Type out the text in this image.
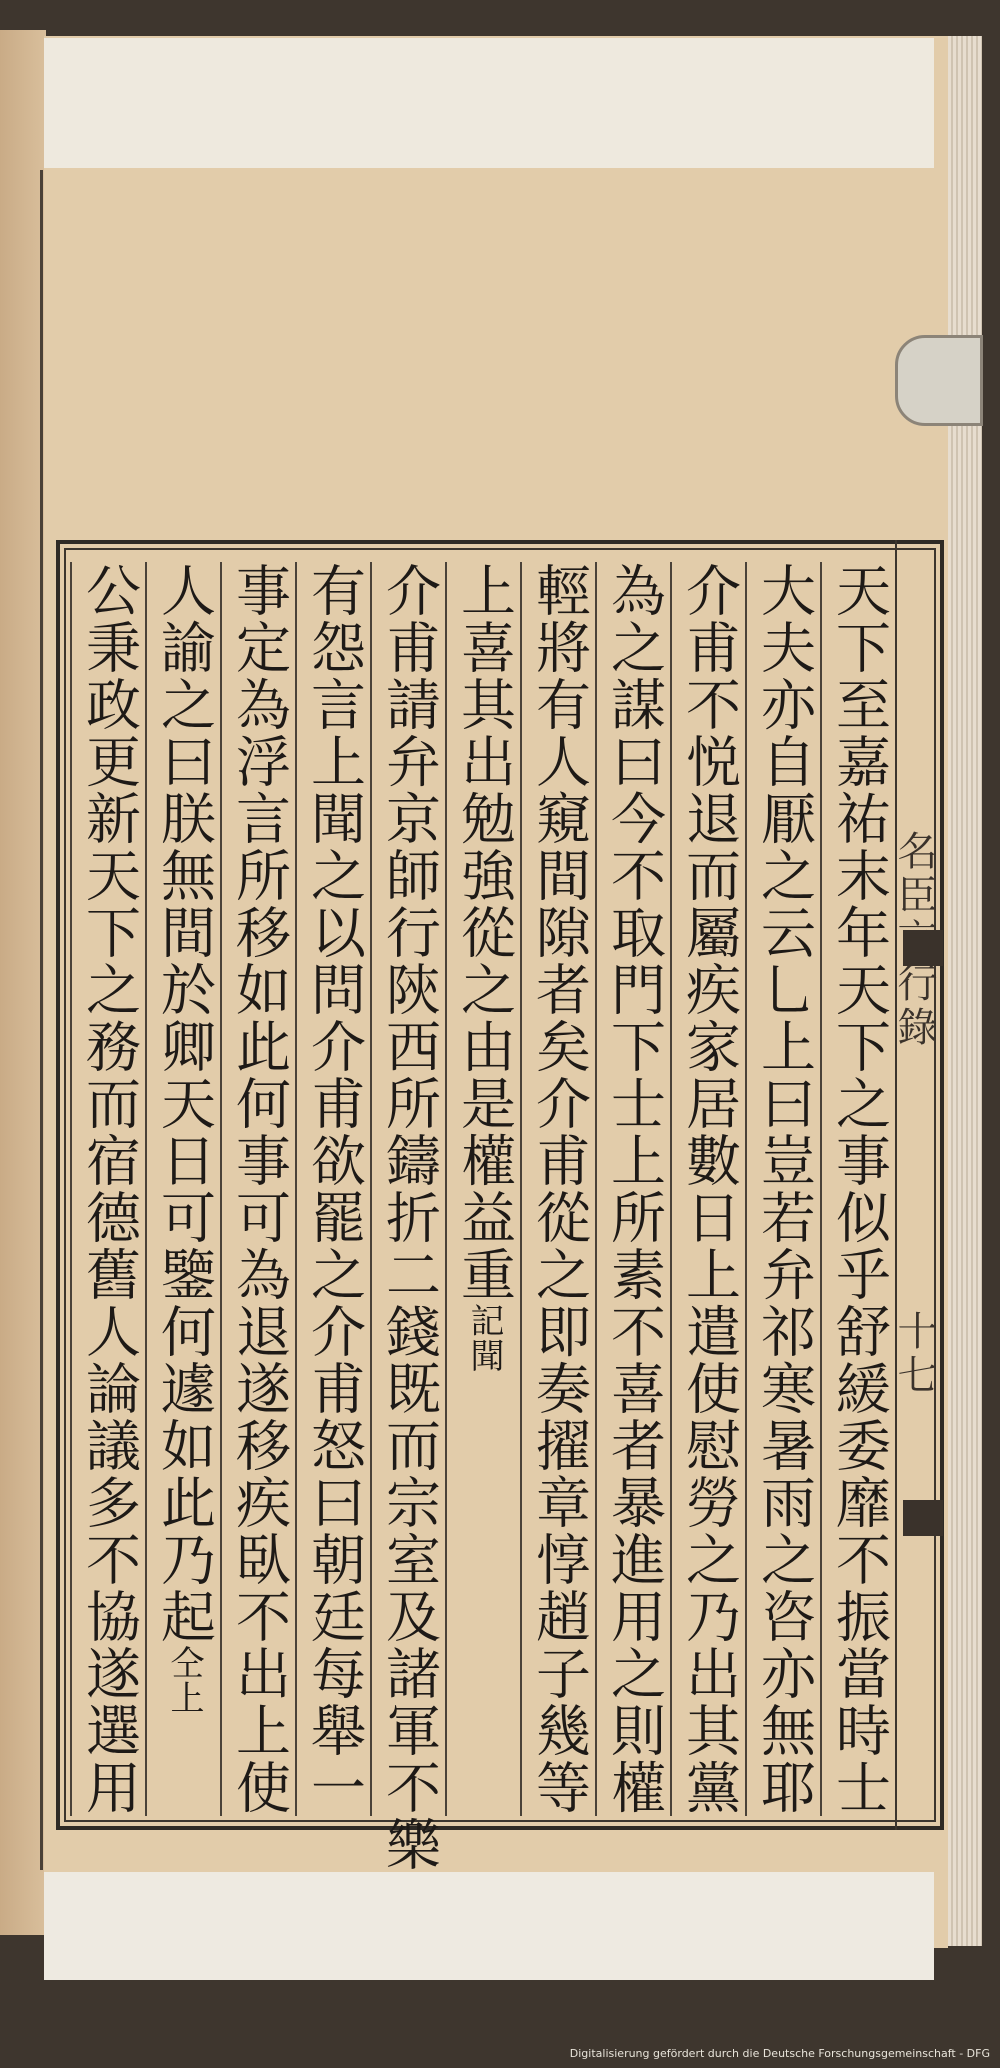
名臣言行錄
十七
天下至嘉祐末年天下之事似乎舒緩委靡不振當時士
大夫亦自厭之云乚上曰豈若弁祁寒暑雨之咨亦無耶
介甫不悦退而屬疾家居數日上遣使慰勞之乃出其黨
為之謀曰今不取門下士上所素不喜者暴進用之則權
輕將有人窺間隙者矣介甫從之即奏擢章惇趙子幾等
上喜其出勉強從之由是權益重記聞
介甫請弁京師行陝西所鑄折二錢既而宗室及諸軍不樂
有怨言上聞之以問介甫欲罷之介甫怒曰朝廷每舉一
事定為浮言所移如此何事可為退遂移疾臥不出上使
人諭之曰朕無間於卿天日可鑒何遽如此乃起仝上
公秉政更新天下之務而宿德舊人論議多不協遂選用
Digitalisierung gefördert durch die Deutsche Forschungsgemeinschaft - DFG
